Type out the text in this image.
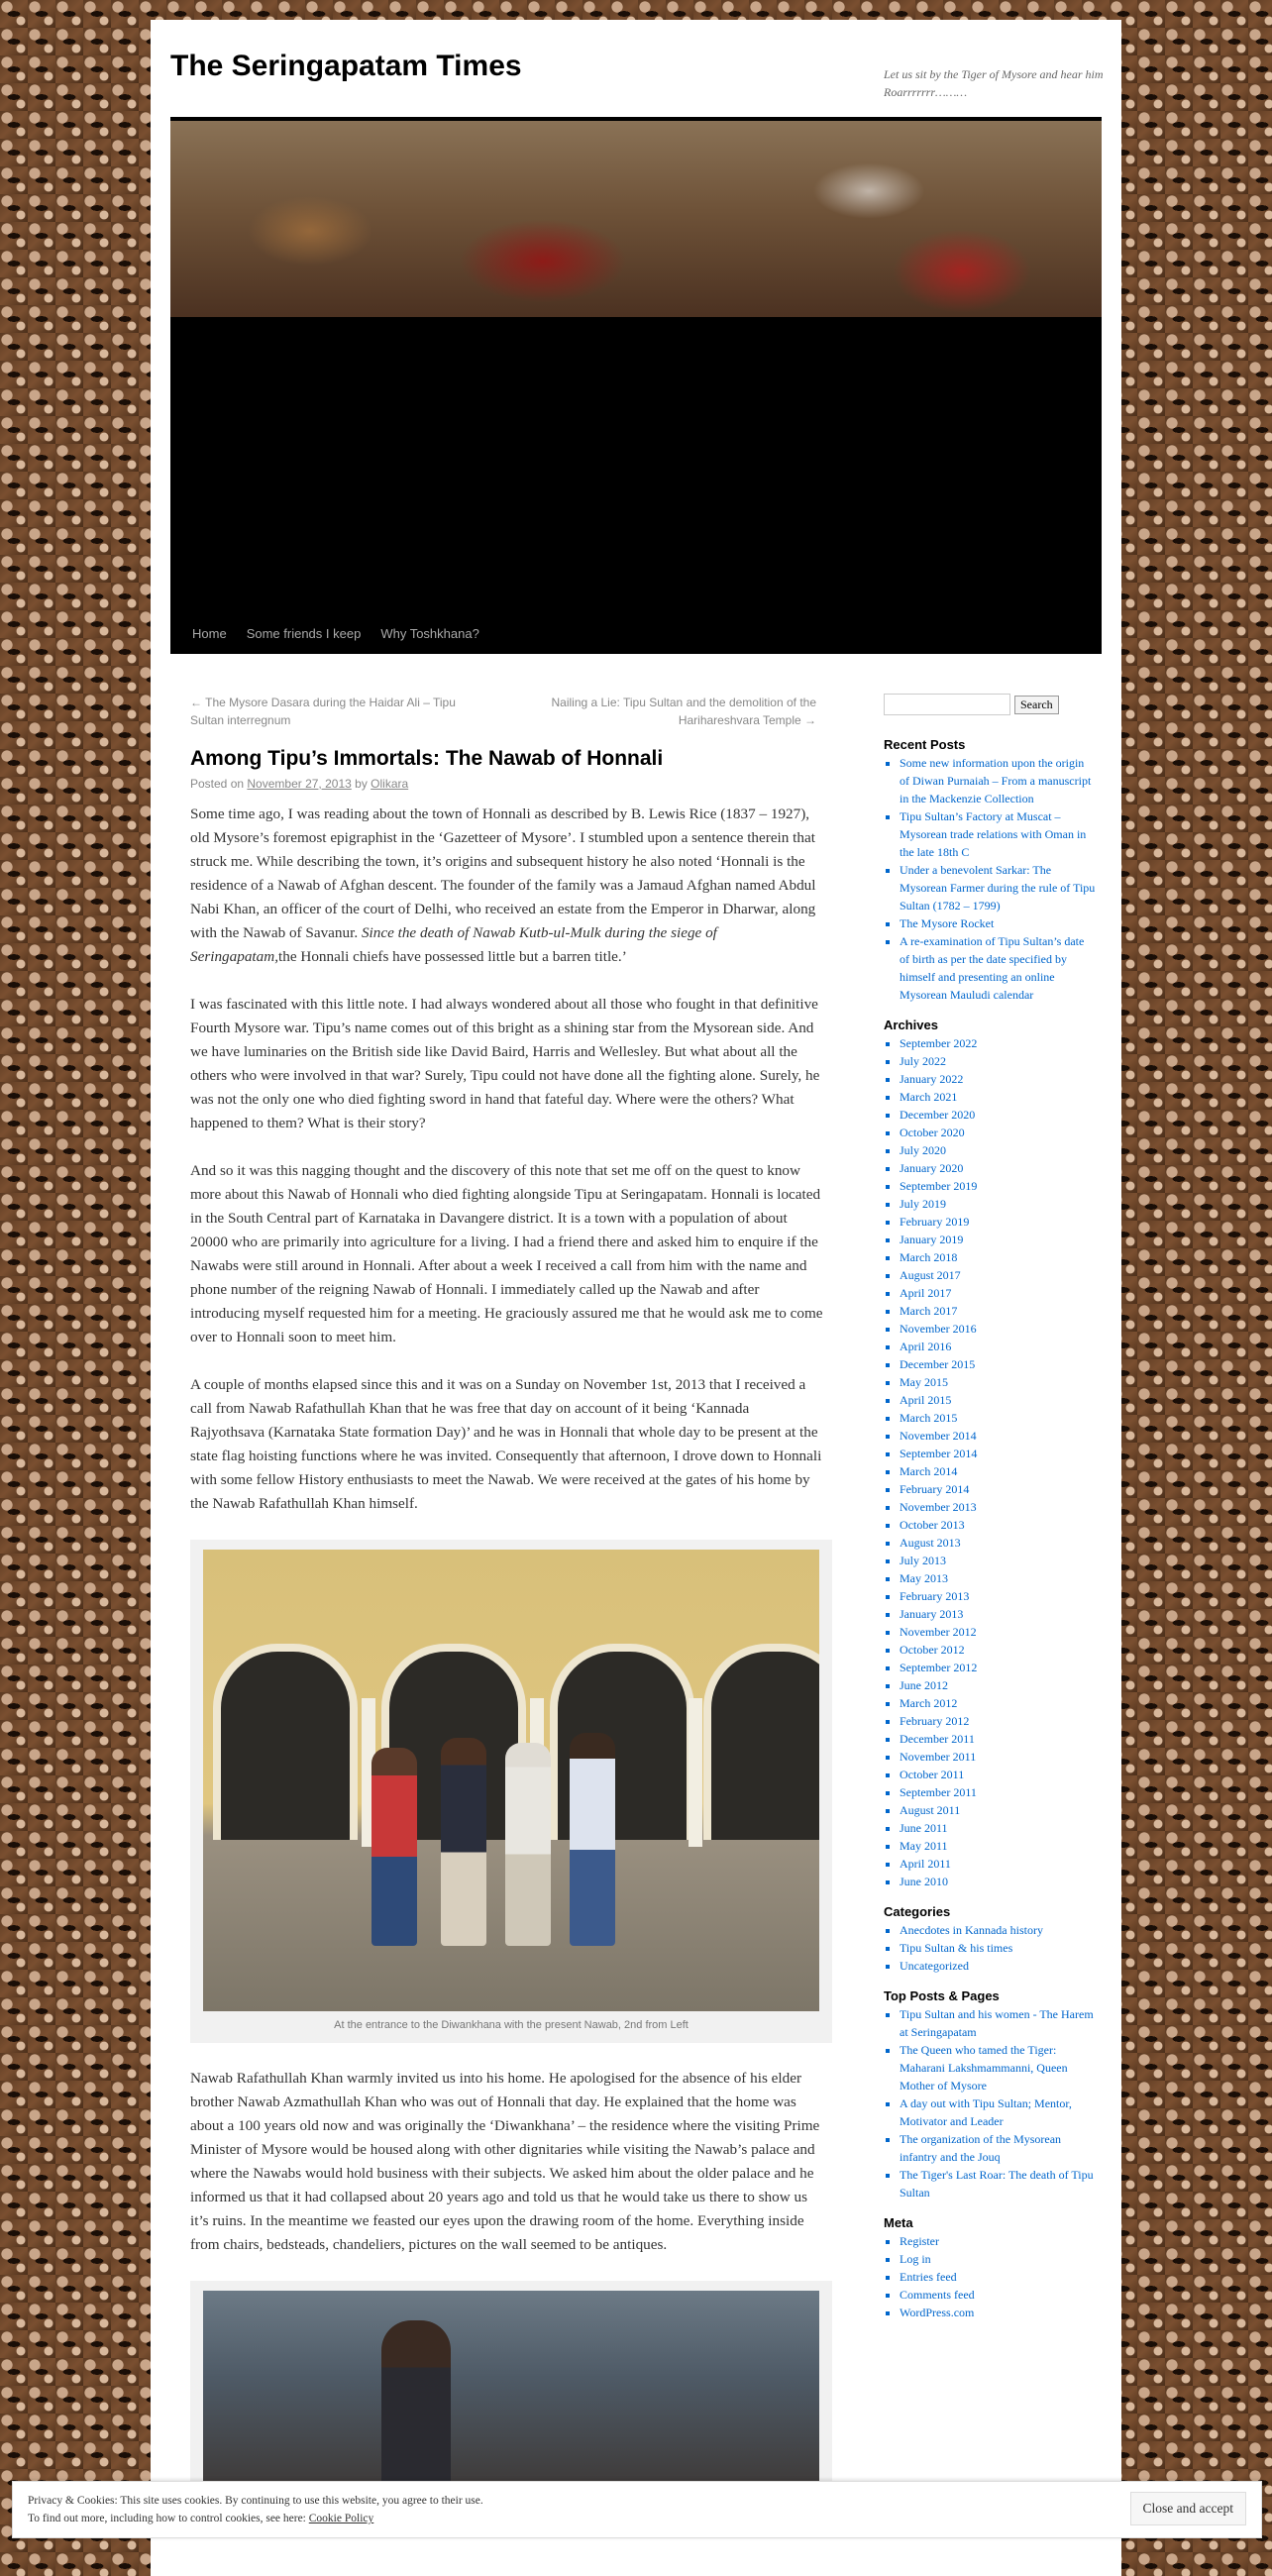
The Seringapatam Times	Let us sit by the Tiger of Mysore and hear him Roarrrrrrr………
Home	Some friends I keep	Why Toshkhana?
← The Mysore Dasara during the Haidar Ali – Tipu Sultan interregnum
Nailing a Lie: Tipu Sultan and the demolition of the Harihareshvara Temple →
Among Tipu’s Immortals: The Nawab of Honnali
Posted on November 27, 2013 by Olikara

Some time ago, I was reading about the town of Honnali as described by B. Lewis Rice (1837 – 1927), old Mysore’s foremost epigraphist in the ‘Gazetteer of Mysore’. I stumbled upon a sentence therein that struck me. While describing the town, it’s origins and subsequent history he also noted ‘Honnali is the residence of a Nawab of Afghan descent. The founder of the family was a Jamaud Afghan named Abdul Nabi Khan, an officer of the court of Delhi, who received an estate from the Emperor in Dharwar, along with the Nawab of Savanur. Since the death of Nawab Kutb-ul-Mulk during the siege of Seringapatam,the Honnali chiefs have possessed little but a barren title.’

I was fascinated with this little note. I had always wondered about all those who fought in that definitive Fourth Mysore war. Tipu’s name comes out of this bright as a shining star from the Mysorean side. And we have luminaries on the British side like David Baird, Harris and Wellesley. But what about all the others who were involved in that war? Surely, Tipu could not have done all the fighting alone. Surely, he was not the only one who died fighting sword in hand that fateful day. Where were the others? What happened to them? What is their story?

And so it was this nagging thought and the discovery of this note that set me off on the quest to know more about this Nawab of Honnali who died fighting alongside Tipu at Seringapatam. Honnali is located in the South Central part of Karnataka in Davangere district. It is a town with a population of about 20000 who are primarily into agriculture for a living. I had a friend there and asked him to enquire if the Nawabs were still around in Honnali. After about a week I received a call from him with the name and phone number of the reigning Nawab of Honnali. I immediately called up the Nawab and after introducing myself requested him for a meeting. He graciously assured me that he would ask me to come over to Honnali soon to meet him.

A couple of months elapsed since this and it was on a Sunday on November 1st, 2013 that I received a call from Nawab Rafathullah Khan that he was free that day on account of it being ‘Kannada Rajyothsava (Karnataka State formation Day)’ and he was in Honnali that whole day to be present at the state flag hoisting functions where he was invited. Consequently that afternoon, I drove down to Honnali with some fellow History enthusiasts to meet the Nawab. We were received at the gates of his home by the Nawab Rafathullah Khan himself.

At the entrance to the Diwankhana with the present Nawab, 2nd from Left

Nawab Rafathullah Khan warmly invited us into his home. He apologised for the absence of his elder brother Nawab Azmathullah Khan who was out of Honnali that day. He explained that the home was about a 100 years old now and was originally the ‘Diwankhana’ – the residence where the visiting Prime Minister of Mysore would be housed along with other dignitaries while visiting the Nawab’s palace and where the Nawabs would hold business with their subjects. We asked him about the older palace and he informed us that it had collapsed about 20 years ago and told us that he would take us there to show us it’s ruins. In the meantime we feasted our eyes upon the drawing room of the home. Everything inside from chairs, bedsteads, chandeliers, pictures on the wall seemed to be antiques.

Search
Recent Posts
▪ Some new information upon the origin of Diwan Purnaiah – From a manuscript in the Mackenzie Collection
▪ Tipu Sultan’s Factory at Muscat – Mysorean trade relations with Oman in the late 18th C
▪ Under a benevolent Sarkar: The Mysorean Farmer during the rule of Tipu Sultan (1782 – 1799)
▪ The Mysore Rocket
▪ A re-examination of Tipu Sultan’s date of birth as per the date specified by himself and presenting an online Mysorean Mauludi calendar
Archives
▪ September 2022
▪ July 2022
▪ January 2022
▪ March 2021
▪ December 2020
▪ October 2020
▪ July 2020
▪ January 2020
▪ September 2019
▪ July 2019
▪ February 2019
▪ January 2019
▪ March 2018
▪ August 2017
▪ April 2017
▪ March 2017
▪ November 2016
▪ April 2016
▪ December 2015
▪ May 2015
▪ April 2015
▪ March 2015
▪ November 2014
▪ September 2014
▪ March 2014
▪ February 2014
▪ November 2013
▪ October 2013
▪ August 2013
▪ July 2013
▪ May 2013
▪ February 2013
▪ January 2013
▪ November 2012
▪ October 2012
▪ September 2012
▪ June 2012
▪ March 2012
▪ February 2012
▪ December 2011
▪ November 2011
▪ October 2011
▪ September 2011
▪ August 2011
▪ June 2011
▪ May 2011
▪ April 2011
▪ June 2010
Categories
▪ Anecdotes in Kannada history
▪ Tipu Sultan & his times
▪ Uncategorized
Top Posts & Pages
▪ Tipu Sultan and his women - The Harem at Seringapatam
▪ The Queen who tamed the Tiger: Maharani Lakshmammanni, Queen Mother of Mysore
▪ A day out with Tipu Sultan; Mentor, Motivator and Leader
▪ The organization of the Mysorean infantry and the Jouq
▪ The Tiger's Last Roar: The death of Tipu Sultan
Meta
▪ Register
▪ Log in
▪ Entries feed
▪ Comments feed
▪ WordPress.com
Privacy & Cookies: This site uses cookies. By continuing to use this website, you agree to their use.
To find out more, including how to control cookies, see here: Cookie Policy
Close and accept
